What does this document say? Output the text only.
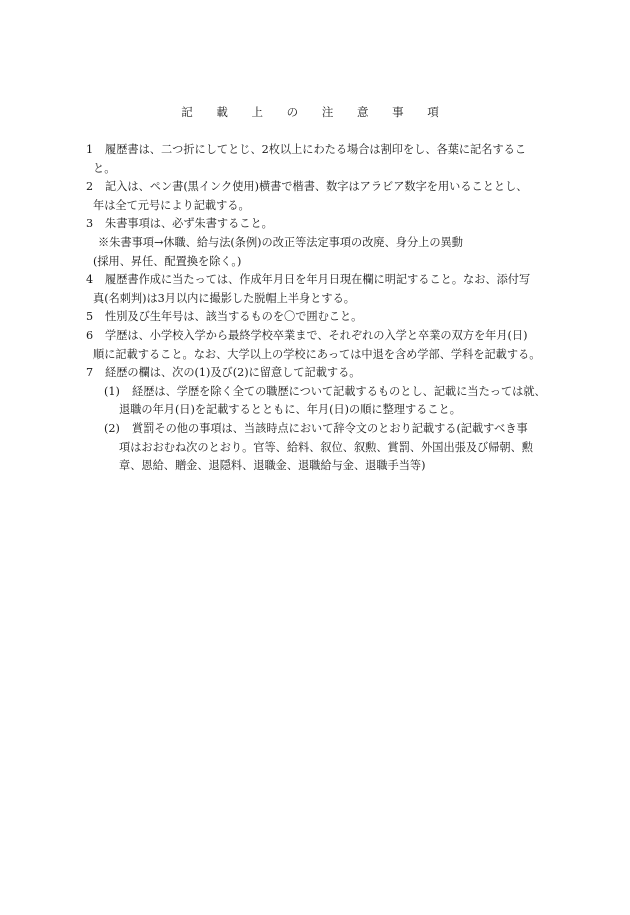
記 載 上 の 注 意 事 項
1 履歴書は、二つ折にしてとじ、2枚以上にわたる場合は割印をし、各葉に記名するこ
と。
2 記入は、ペン書(黒インク使用)横書で楷書、数字はアラビア数字を用いることとし、
年は全て元号により記載する。
3 朱書事項は、必ず朱書すること。
※朱書事項→休職、給与法(条例)の改正等法定事項の改廃、身分上の異動
(採用、昇任、配置換を除く。)
4 履歴書作成に当たっては、作成年月日を年月日現在欄に明記すること。なお、添付写
真(名刺判)は3月以内に撮影した脱帽上半身とする。
5 性別及び生年号は、該当するものを〇で囲むこと。
6 学歴は、小学校入学から最終学校卒業まで、それぞれの入学と卒業の双方を年月(日)
順に記載すること。なお、大学以上の学校にあっては中退を含め学部、学科を記載する。
7 経歴の欄は、次の(1)及び(2)に留意して記載する。
(1) 経歴は、学歴を除く全ての職歴について記載するものとし、記載に当たっては就、
退職の年月(日)を記載するとともに、年月(日)の順に整理すること。
(2) 賞罰その他の事項は、当該時点において辞令文のとおり記載する(記載すべき事
項はおおむね次のとおり。官等、給料、叙位、叙勲、賞罰、外国出張及び帰朝、勲
章、恩給、贈金、退隠料、退職金、退職給与金、退職手当等)
